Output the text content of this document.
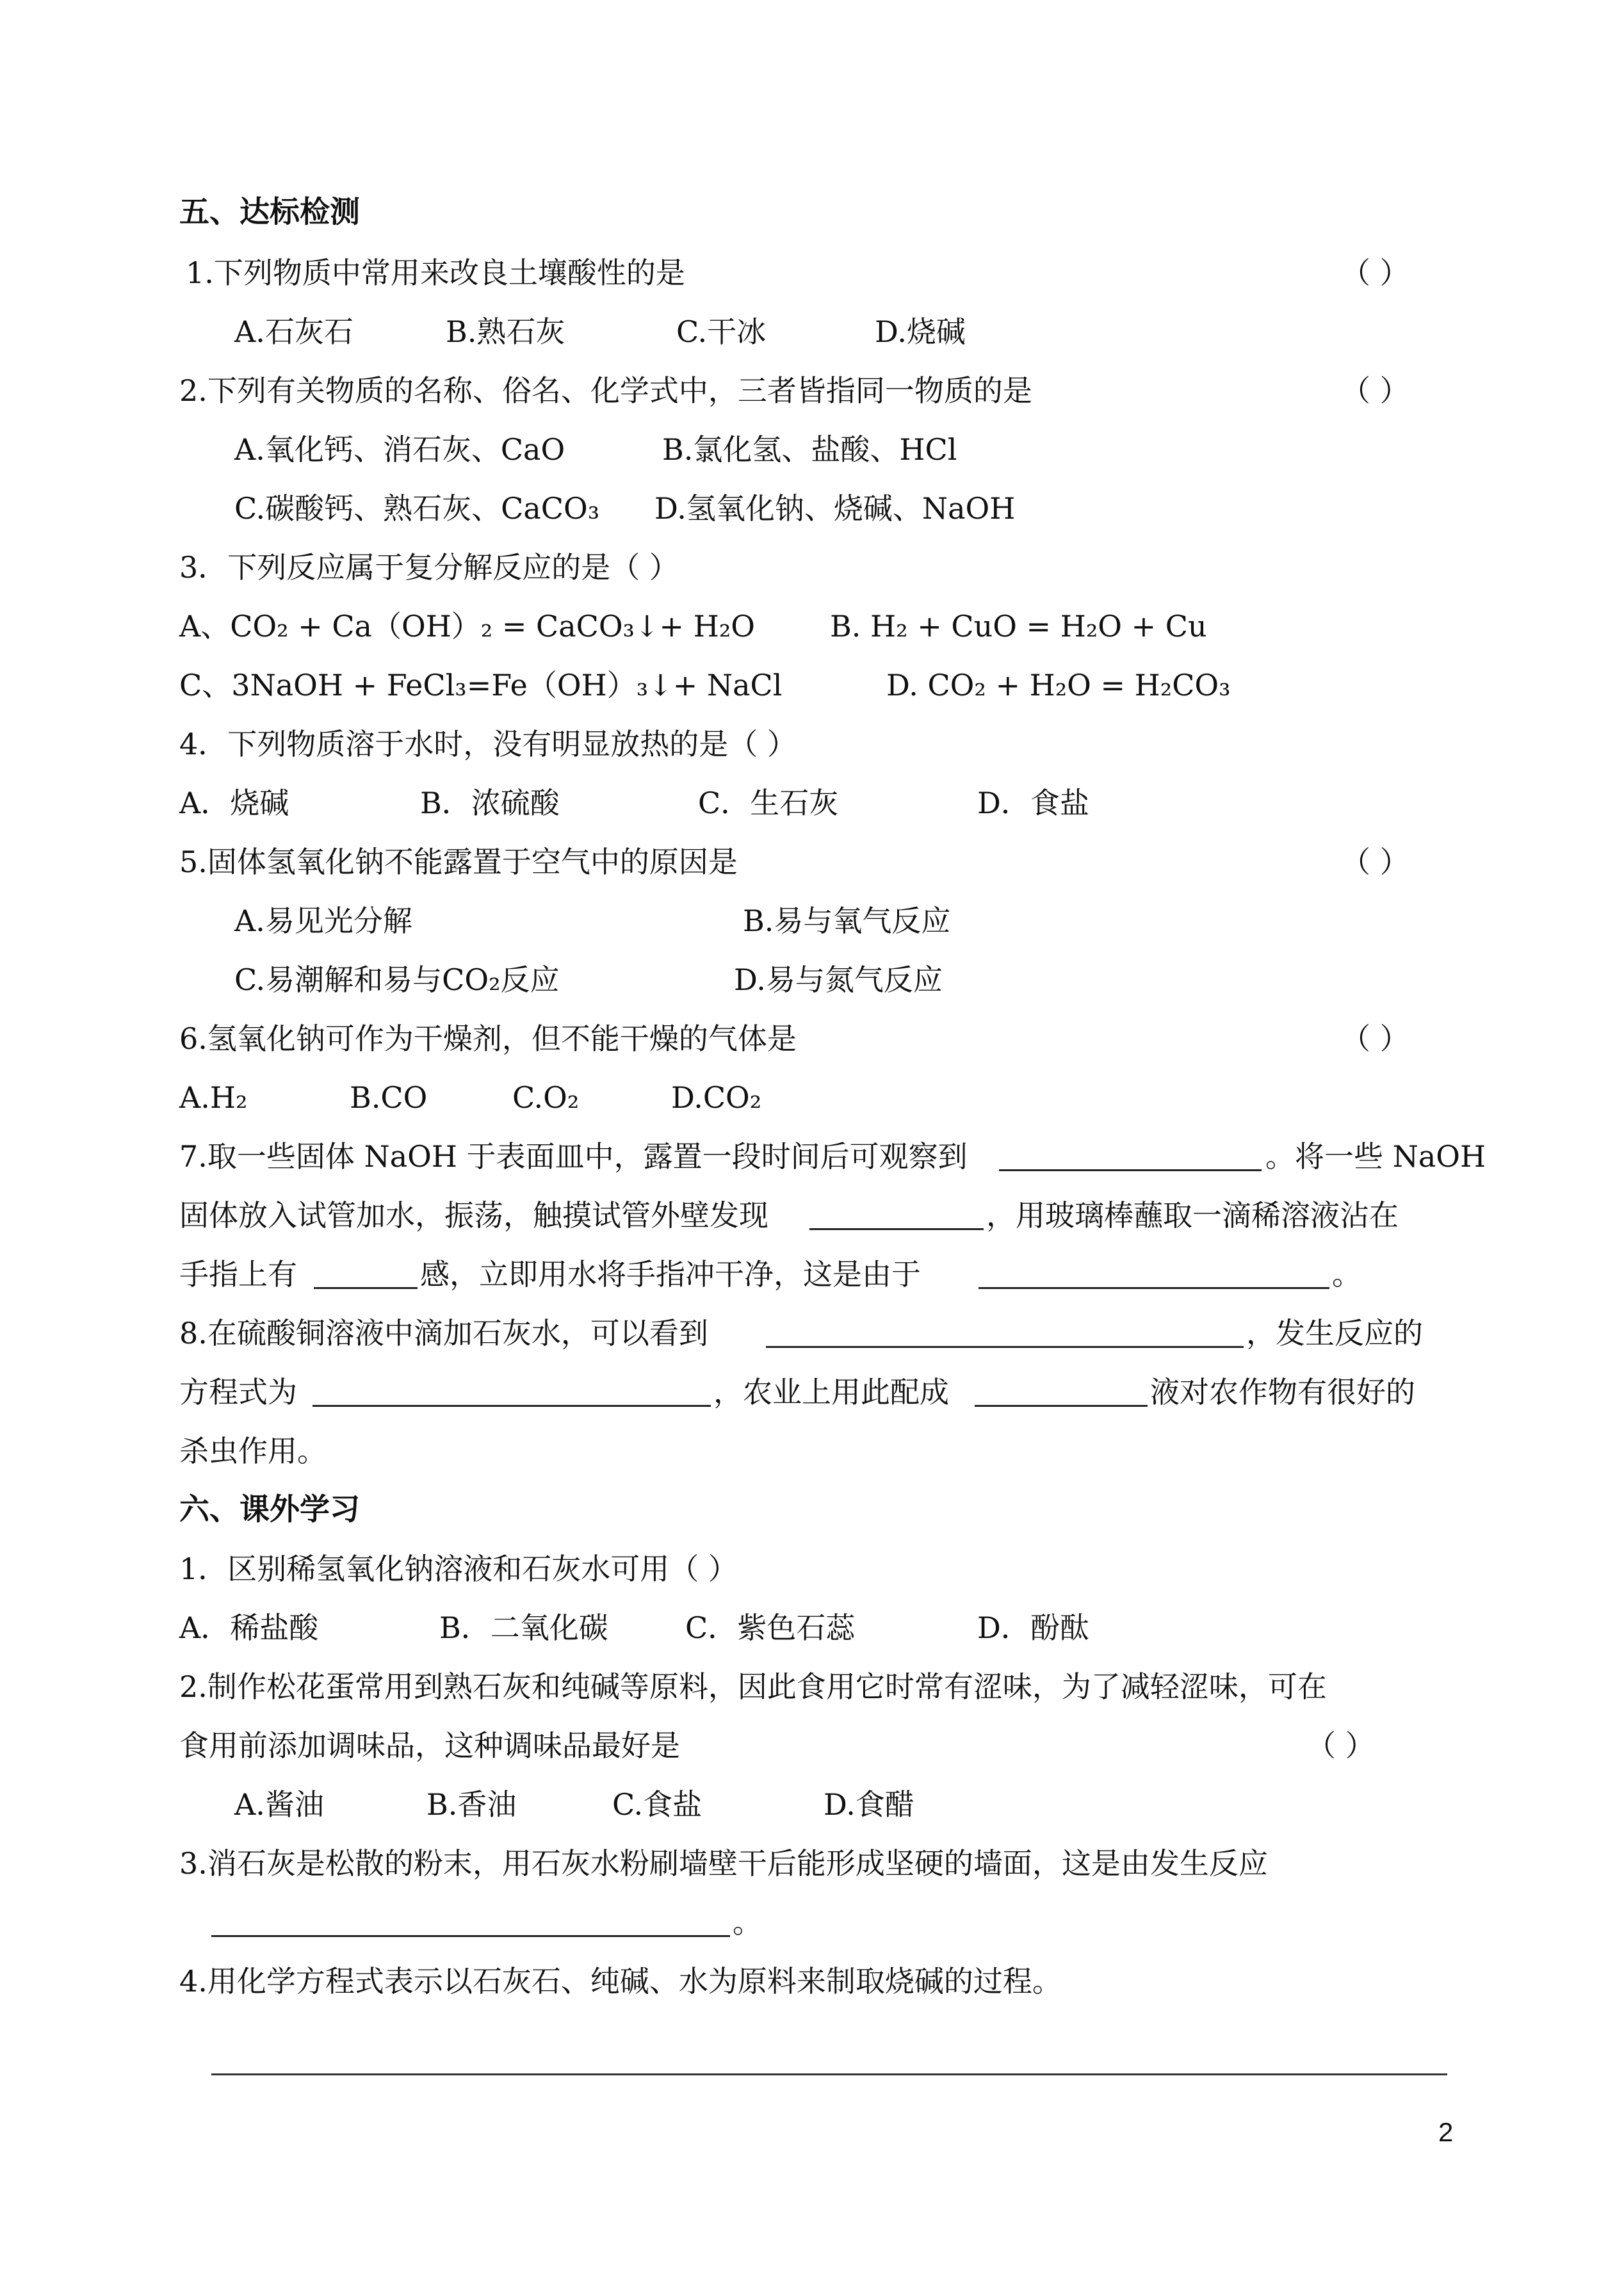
五、达标检测
1.下列物质中常用来改良土壤酸性的是	（ ）
A.石灰石	B.熟石灰	C.干冰	D.烧碱
2.下列有关物质的名称、俗名、化学式中，三者皆指同一物质的是	（ ）
A.氧化钙、消石灰、CaO	B.氯化氢、盐酸、HCl
C.碳酸钙、熟石灰、CaCO₃ D.氢氧化钠、烧碱、NaOH
3．下列反应属于复分解反应的是（ ）
A、CO₂ + Ca（OH）₂ = CaCO₃↓+ H₂O	B. H₂ + CuO = H₂O + Cu
C、3NaOH + FeCl₃=Fe（OH）₃↓+ NaCl	D. CO₂ + H₂O = H₂CO₃
4．下列物质溶于水时，没有明显放热的是（ ）
A．烧碱	B．浓硫酸	C．生石灰	D．食盐
5.固体氢氧化钠不能露置于空气中的原因是	（ ）
A.易见光分解	B.易与氧气反应
C.易潮解和易与CO₂反应	D.易与氮气反应
6.氢氧化钠可作为干燥剂，但不能干燥的气体是	（ ）
A.H₂	B.CO	C.O₂	D.CO₂
7.取一些固体 NaOH 于表面皿中，露置一段时间后可观察到	。将一些 NaOH
固体放入试管加水，振荡，触摸试管外壁发现	，用玻璃棒蘸取一滴稀溶液沾在
手指上有	感，立即用水将手指冲干净，这是由于	。
8.在硫酸铜溶液中滴加石灰水，可以看到	，发生反应的
方程式为	，农业上用此配成	液对农作物有很好的
杀虫作用。
六、课外学习
1．区别稀氢氧化钠溶液和石灰水可用（ ）
A．稀盐酸	B．二氧化碳	C．紫色石蕊	D．酚酞
2.制作松花蛋常用到熟石灰和纯碱等原料，因此食用它时常有涩味，为了减轻涩味，可在
食用前添加调味品，这种调味品最好是	（ ）
A.酱油	B.香油	C.食盐	D.食醋
3.消石灰是松散的粉末，用石灰水粉刷墙壁干后能形成坚硬的墙面，这是由发生反应
。
4.用化学方程式表示以石灰石、纯碱、水为原料来制取烧碱的过程。
2
